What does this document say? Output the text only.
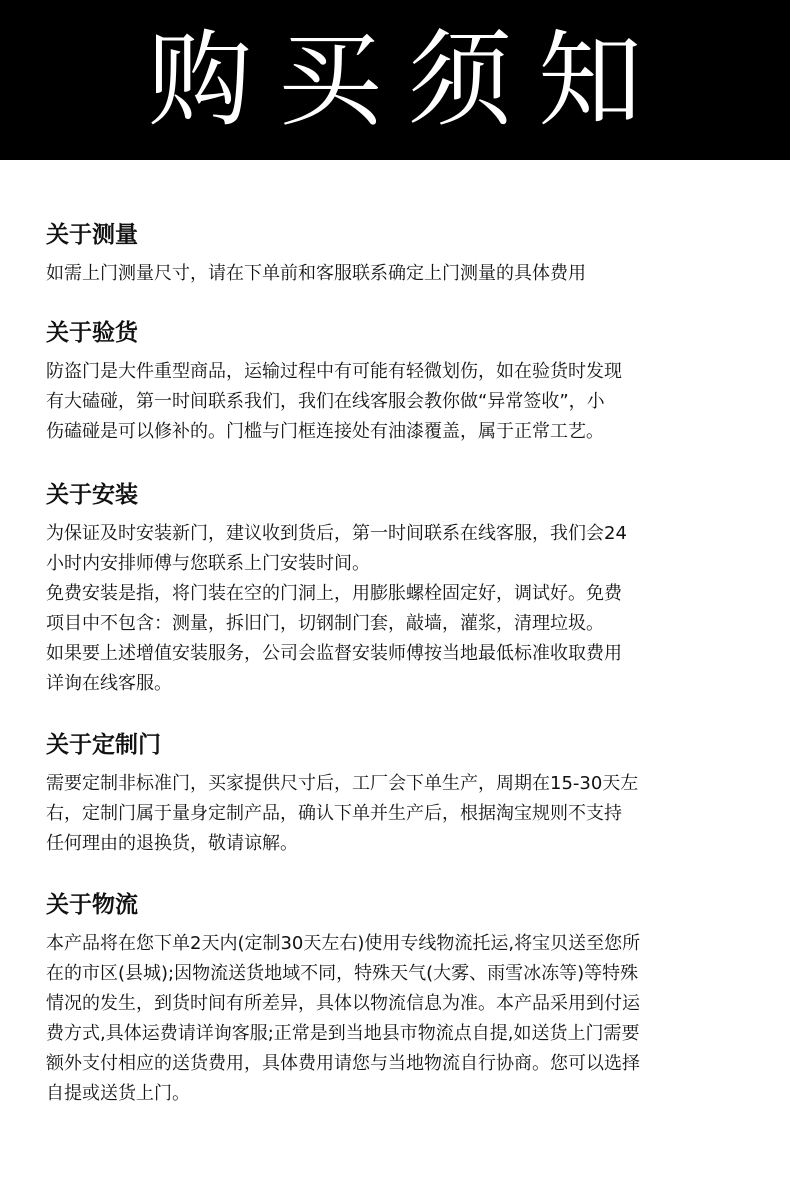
购买须知
关于测量
如需上门测量尺寸，请在下单前和客服联系确定上门测量的具体费用
关于验货
防盗门是大件重型商品，运输过程中有可能有轻微划伤，如在验货时发现
有大磕碰，第一时间联系我们，我们在线客服会教你做“异常签收”，小
伤磕碰是可以修补的。门槛与门框连接处有油漆覆盖，属于正常工艺。
关于安装
为保证及时安装新门，建议收到货后，第一时间联系在线客服，我们会24
小时内安排师傅与您联系上门安装时间。
免费安装是指，将门装在空的门洞上，用膨胀螺栓固定好，调试好。免费
项目中不包含：测量，拆旧门，切钢制门套，敲墙，灌浆，清理垃圾。
如果要上述增值安装服务，公司会监督安装师傅按当地最低标准收取费用
详询在线客服。
关于定制门
需要定制非标准门，买家提供尺寸后，工厂会下单生产，周期在15-30天左
右，定制门属于量身定制产品，确认下单并生产后，根据淘宝规则不支持
任何理由的退换货，敬请谅解。
关于物流
本产品将在您下单2天内(定制30天左右)使用专线物流托运,将宝贝送至您所
在的市区(县城);因物流送货地域不同，特殊天气(大雾、雨雪冰冻等)等特殊
情况的发生，到货时间有所差异，具体以物流信息为准。本产品采用到付运
费方式,具体运费请详询客服;正常是到当地县市物流点自提,如送货上门需要
额外支付相应的送货费用，具体费用请您与当地物流自行协商。您可以选择
自提或送货上门。
